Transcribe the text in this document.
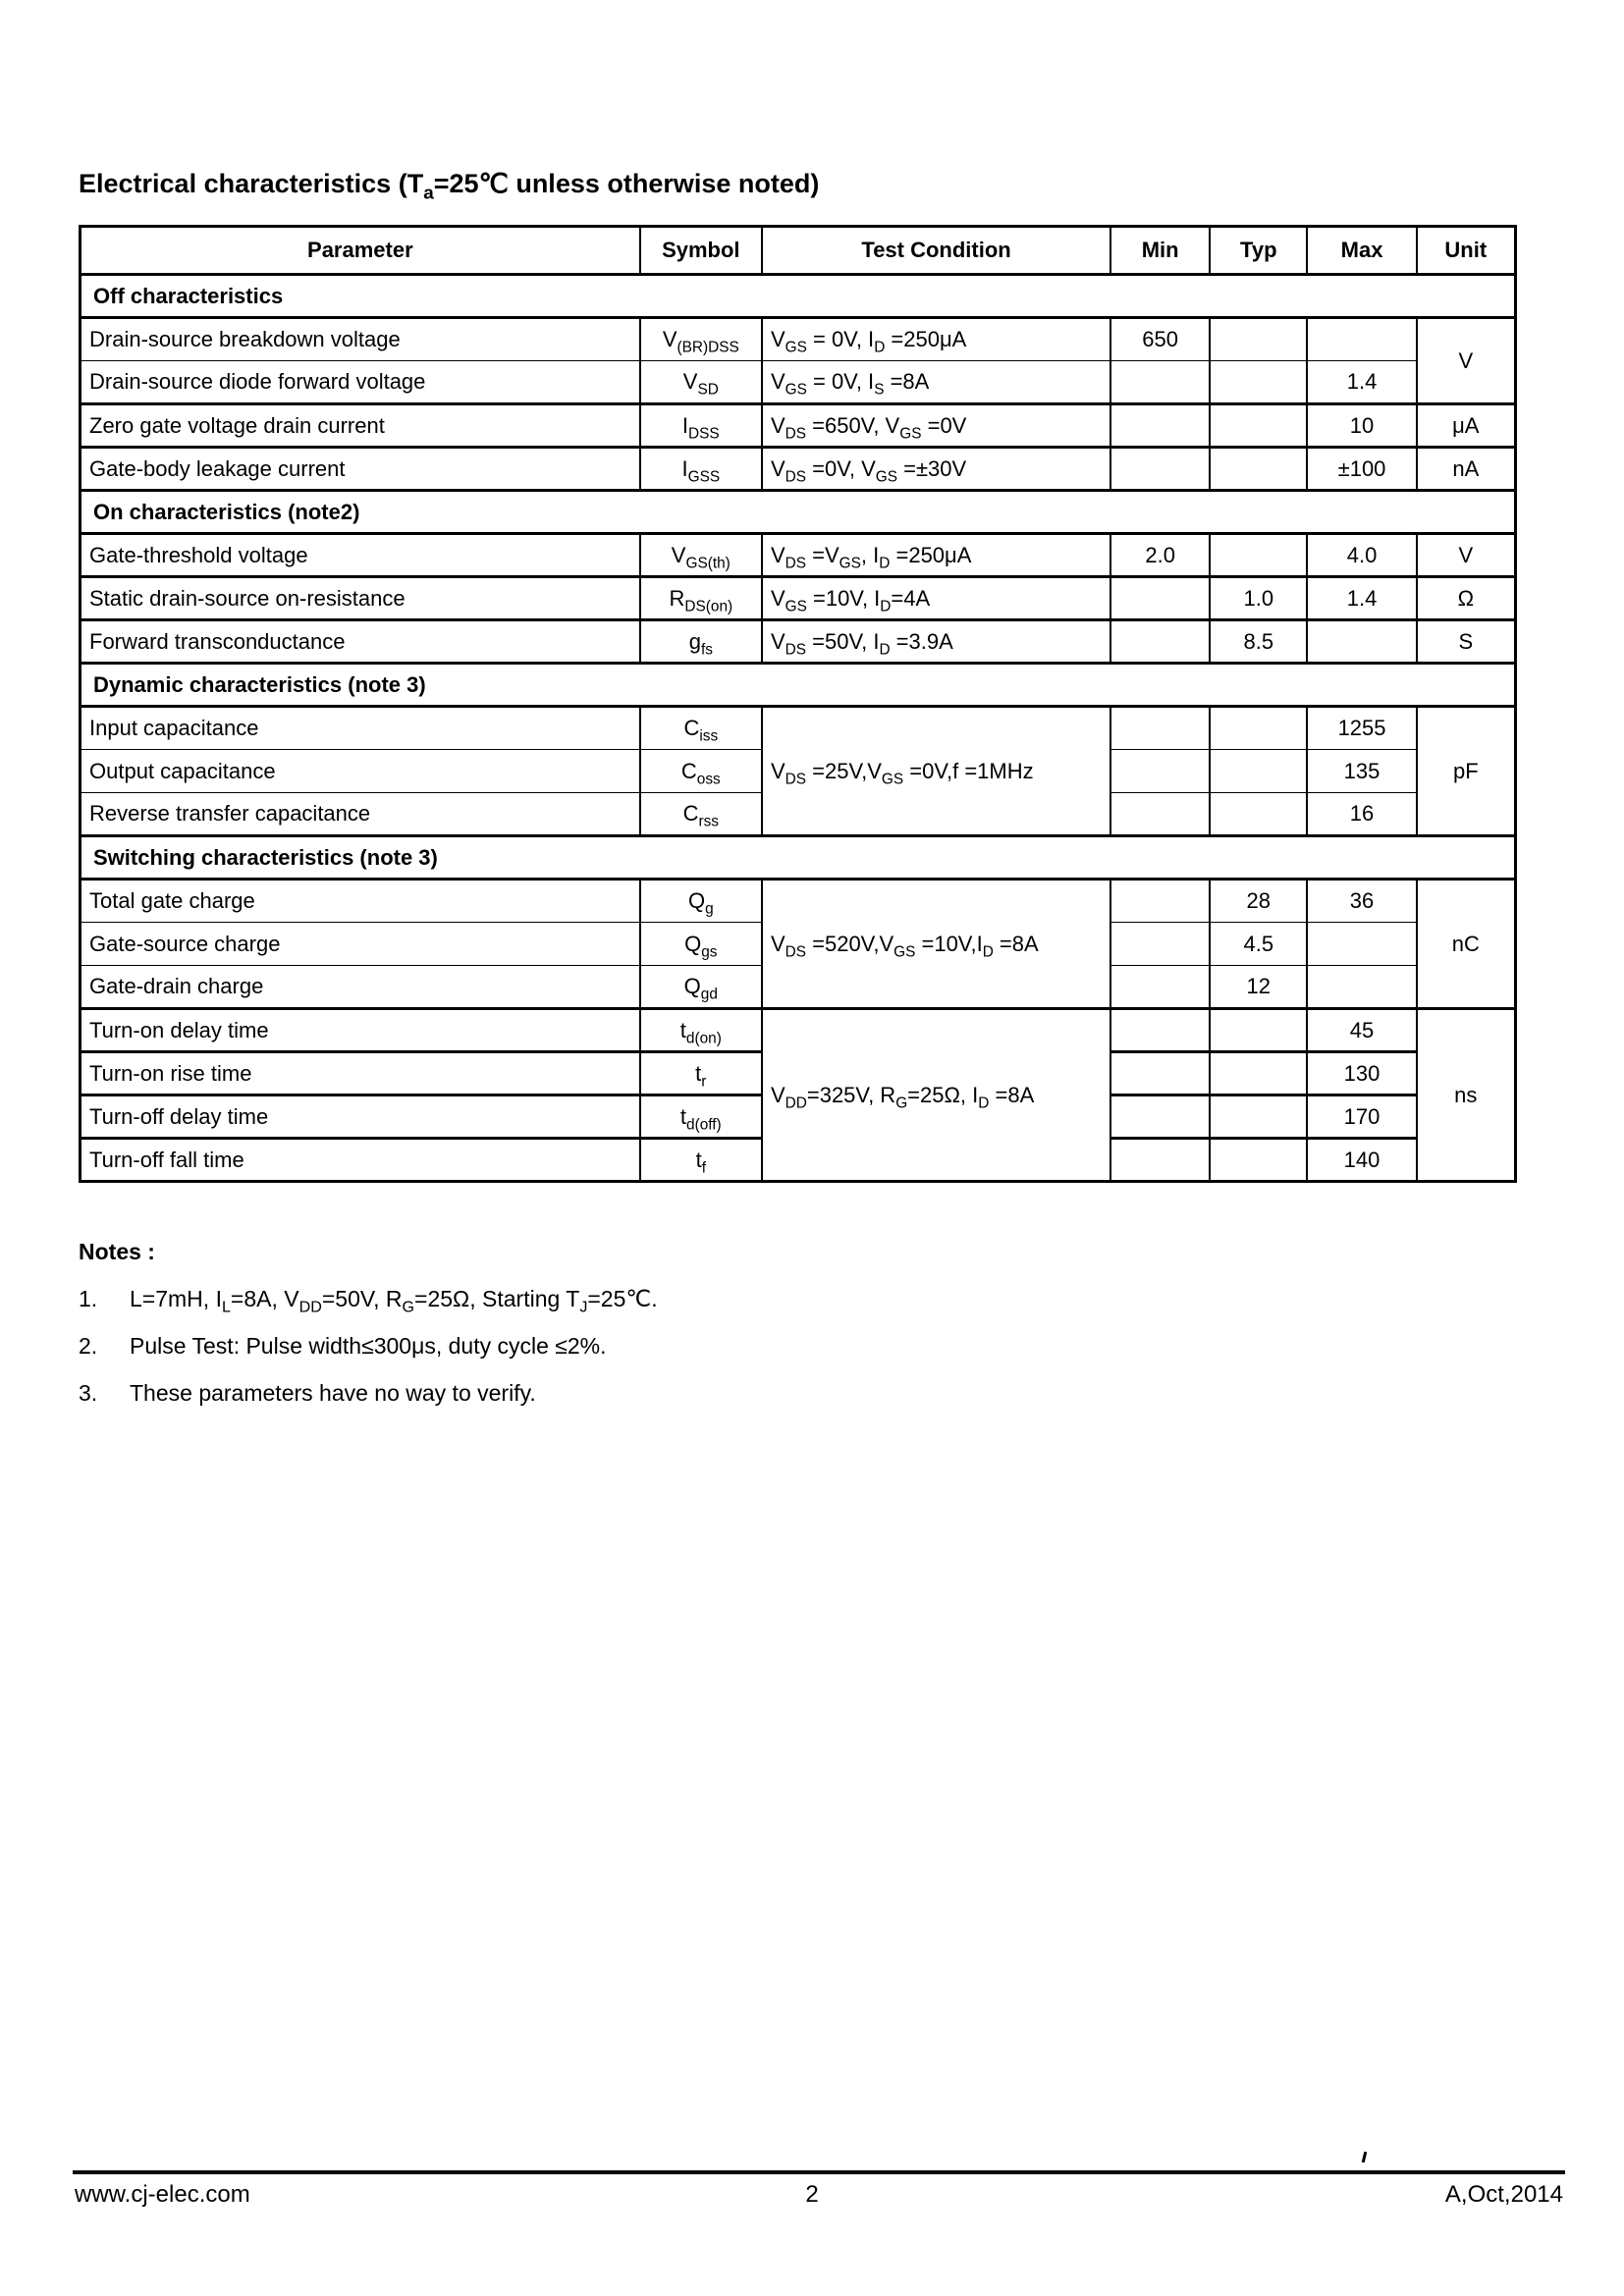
Electrical characteristics ($T_a=25℃$ unless otherwise noted)
Parameter	Symbol	Test Condition	Min	Typ	Max	Unit
Off characteristics						
Drain-source breakdown voltage	$V_{(BR)DSS}$	$V_{GS} = 0V$, $I_D =250\mu A$	650			V
Drain-source diode forward voltage	$V_{SD}$	$V_{GS} = 0V$, $I_S =8A$			1.4	
Zero gate voltage drain current	$I_{DSS}$	$V_{DS} =650V$, $V_{GS} =0V$			10	μA
Gate-body leakage current	$I_{GSS}$	$V_{DS} =0V$, $V_{GS} =\pm 30V$			±100	nA
On characteristics (note2)						
Gate-threshold voltage	$V_{GS(th)}$	$V_{DS} =V_{GS}$, $I_D =250\mu A$	2.0		4.0	V
Static drain-source on-resistance	$R_{DS(on)}$	$V_{GS} =10V$, $I_D=4A$		1.0	1.4	Ω
Forward transconductance	$g_{fs}$	$V_{DS} =50V$, $I_D =3.9A$		8.5		S
Dynamic characteristics (note 3)						
Input capacitance	$C_{iss}$	$V_{DS} =25V,V_{GS} =0V,f =1MHz$			1255	pF
Output capacitance	$C_{oss}$				135	
Reverse transfer capacitance	$C_{rss}$				16	
Switching characteristics (note 3)						
Total gate charge	$Q_g$	$V_{DS} =520V,V_{GS} =10V,I_D =8A$		28	36	nC
Gate-source charge	$Q_{gs}$			4.5		
Gate-drain charge	$Q_{gd}$			12		
Turn-on delay time	$t_{d(on)}$	$V_{DD}=325V$, $R_G=25\Omega$, $I_D =8A$			45	ns
Turn-on rise time	$t_r$				130	
Turn-off delay time	$t_{d(off)}$				170	
Turn-off fall time	$t_f$				140	
Notes :
1.	L=7mH, $I_L=8A$, $V_{DD}=50V$, $R_G=25\Omega$, Starting $T_J=25℃$.
2.	Pulse Test: Pulse width≤300μs, duty cycle ≤2%.
3.	These parameters have no way to verify.
www.cj-elec.com	2	A,Oct,2014
